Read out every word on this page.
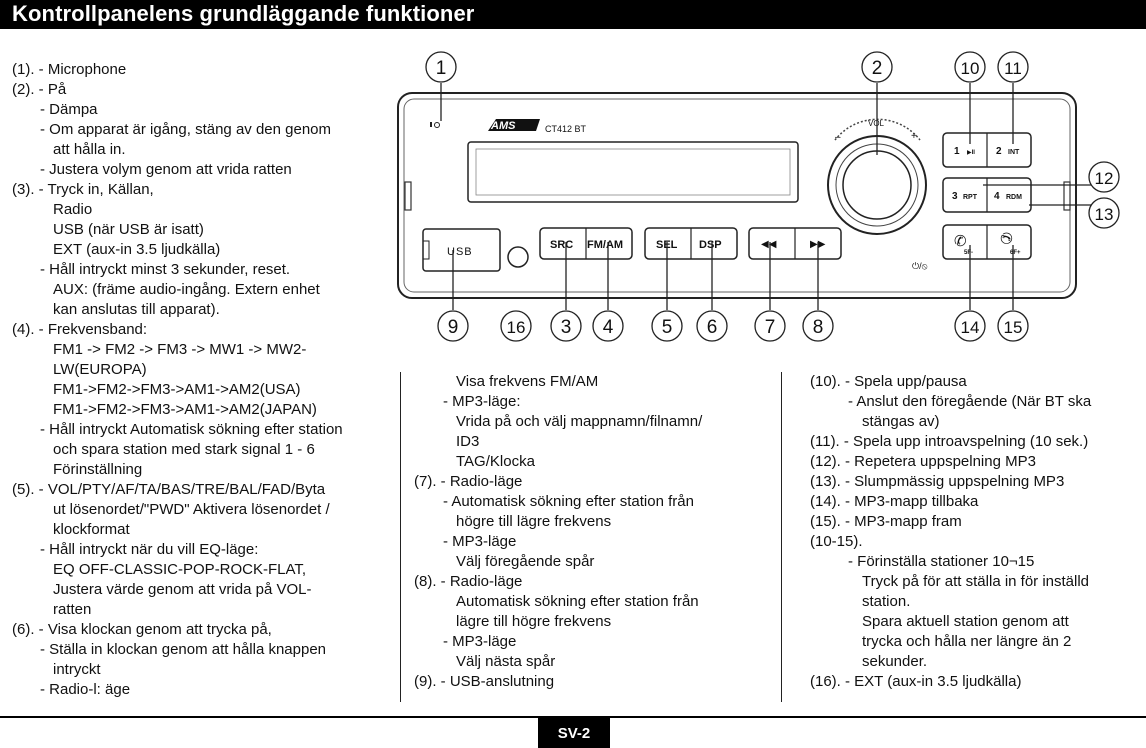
Kontrollpanelens grundläggande funktioner
(1). - Microphone
(2). - På
- Dämpa
- Om apparat är igång, stäng av den genom
att hålla in.
- Justera volym genom att vrida ratten
(3). - Tryck in, Källan,
Radio
USB (när USB är isatt)
EXT (aux-in 3.5 ljudkälla)
- Håll intryckt minst 3 sekunder, reset.
AUX: (främe audio-ingång. Extern enhet
kan anslutas till apparat).
(4). - Frekvensband:
FM1 -> FM2 -> FM3 -> MW1 -> MW2-
LW(EUROPA)
FM1->FM2->FM3->AM1->AM2(USA)
FM1->FM2->FM3->AM1->AM2(JAPAN)
- Håll intryckt Automatisk sökning efter station
och spara station med stark signal 1 - 6
Förinställning
(5). - VOL/PTY/AF/TA/BAS/TRE/BAL/FAD/Byta
ut lösenordet/"PWD" Aktivera lösenordet /
klockformat
- Håll intryckt när du vill EQ-läge:
EQ OFF-CLASSIC-POP-ROCK-FLAT,
Justera värde genom att vrida på VOL-
ratten
(6). - Visa klockan genom att trycka på,
- Ställa in klockan genom att hålla knappen
intryckt
- Radio-l: äge
Visa frekvens FM/AM
- MP3-läge:
Vrida på och välj mappnamn/filnamn/
ID3
TAG/Klocka
(7). - Radio-läge
- Automatisk sökning efter station från
högre till lägre frekvens
- MP3-läge
Välj föregående spår
(8). - Radio-läge
Automatisk sökning efter station från
lägre till högre frekvens
- MP3-läge
Välj nästa spår
(9). - USB-anslutning
(10). - Spela upp/pausa
- Anslut den föregående (När BT ska
stängas av)
(11). - Spela upp introavspelning (10 sek.)
(12). - Repetera uppspelning MP3
(13). - Slumpmässig uppspelning MP3
(14). - MP3-mapp tillbaka
(15). - MP3-mapp fram
(10-15).
- Förinställa stationer 10¬15
Tryck på för att ställa in för inställd
station.
Spara aktuell station genom att
trycka och hålla ner längre än 2
sekunder.
(16). - EXT (aux-in 3.5 ljudkälla)
AMS	CT412 BT
VOL
–	+
1 ▶II 2 INT
3 RPT 4 RDM
✆
5F-
✆
6F+
⏻/⦸
USB
SRC FM/AM	SEL DSP	◀◀	▶▶
1	2	10 11
12
13
9	16 3 4	5 6 7 8	14 15
SV-2
